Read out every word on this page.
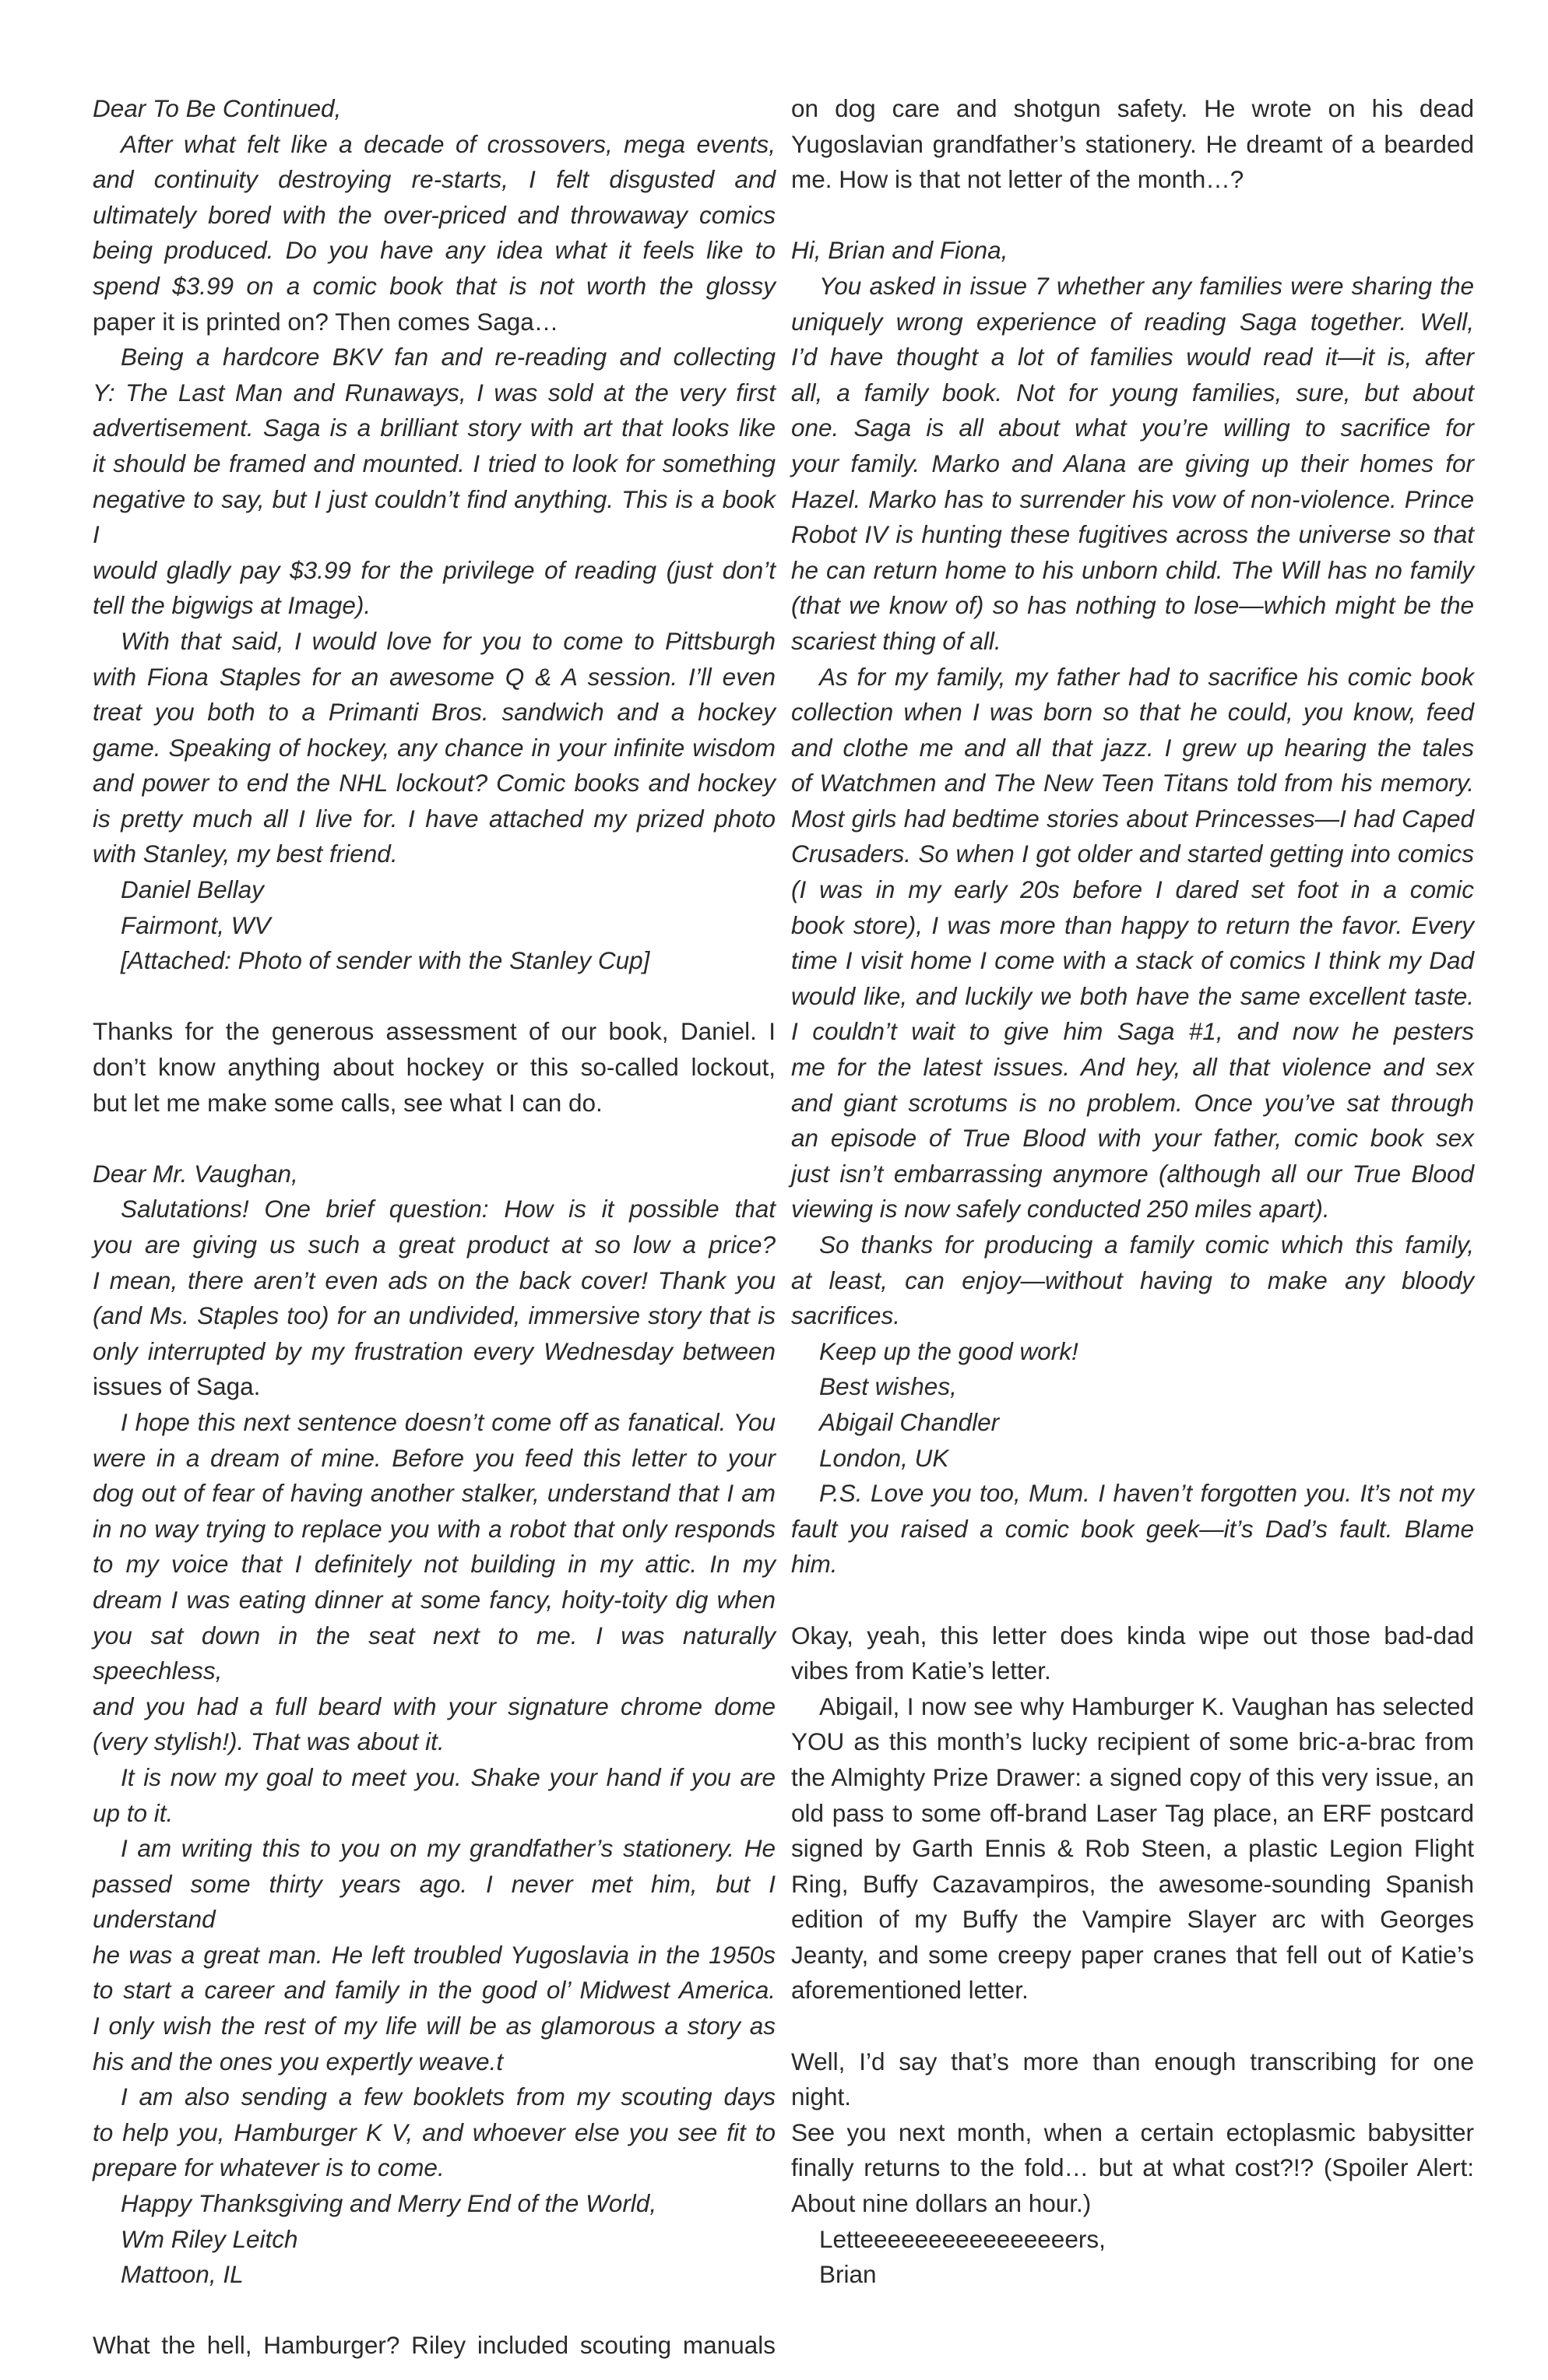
Dear To Be Continued,

After what felt like a decade of crossovers, mega events,

and continuity destroying re-starts, I felt disgusted and

ultimately bored with the over-priced and throwaway comics

being produced. Do you have any idea what it feels like to

spend $3.99 on a comic book that is not worth the glossy

paper it is printed on? Then comes Saga…

Being a hardcore BKV fan and re-reading and collecting

Y: The Last Man and Runaways, I was sold at the very first

advertisement. Saga is a brilliant story with art that looks like

it should be framed and mounted. I tried to look for something

negative to say, but I just couldn’t find anything. This is a book I

would gladly pay $3.99 for the privilege of reading (just don’t

tell the bigwigs at Image).

With that said, I would love for you to come to Pittsburgh

with Fiona Staples for an awesome Q & A session. I’ll even

treat you both to a Primanti Bros. sandwich and a hockey

game. Speaking of hockey, any chance in your infinite wisdom

and power to end the NHL lockout? Comic books and hockey

is pretty much all I live for. I have attached my prized photo

with Stanley, my best friend.

Daniel Bellay

Fairmont, WV

[Attached: Photo of sender with the Stanley Cup]

Thanks for the generous assessment of our book, Daniel. I

don’t know anything about hockey or this so-called lockout,

but let me make some calls, see what I can do.

Dear Mr. Vaughan,

Salutations! One brief question: How is it possible that

you are giving us such a great product at so low a price?

I mean, there aren’t even ads on the back cover! Thank you

(and Ms. Staples too) for an undivided, immersive story that is

only interrupted by my frustration every Wednesday between

issues of Saga.

I hope this next sentence doesn’t come off as fanatical. You

were in a dream of mine. Before you feed this letter to your

dog out of fear of having another stalker, understand that I am

in no way trying to replace you with a robot that only responds

to my voice that I definitely not building in my attic. In my

dream I was eating dinner at some fancy, hoity-toity dig when

you sat down in the seat next to me. I was naturally speechless,

and you had a full beard with your signature chrome dome

(very stylish!). That was about it.

It is now my goal to meet you. Shake your hand if you are

up to it.

I am writing this to you on my grandfather’s stationery. He

passed some thirty years ago. I never met him, but I understand

he was a great man. He left troubled Yugoslavia in the 1950s

to start a career and family in the good ol’ Midwest America.

I only wish the rest of my life will be as glamorous a story as

his and the ones you expertly weave.t

I am also sending a few booklets from my scouting days

to help you, Hamburger K V, and whoever else you see fit to

prepare for whatever is to come.

Happy Thanksgiving and Merry End of the World,

Wm Riley Leitch

Mattoon, IL

What the hell, Hamburger? Riley included scouting manuals

on dog care and shotgun safety. He wrote on his dead

Yugoslavian grandfather’s stationery. He dreamt of a bearded

me. How is that not letter of the month…?

Hi, Brian and Fiona,

You asked in issue 7 whether any families were sharing the

uniquely wrong experience of reading Saga together. Well,

I’d have thought a lot of families would read it—it is, after

all, a family book. Not for young families, sure, but about

one. Saga is all about what you’re willing to sacrifice for

your family. Marko and Alana are giving up their homes for

Hazel. Marko has to surrender his vow of non-violence. Prince

Robot IV is hunting these fugitives across the universe so that

he can return home to his unborn child. The Will has no family

(that we know of) so has nothing to lose—which might be the

scariest thing of all.

As for my family, my father had to sacrifice his comic book

collection when I was born so that he could, you know, feed

and clothe me and all that jazz. I grew up hearing the tales

of Watchmen and The New Teen Titans told from his memory.

Most girls had bedtime stories about Princesses—I had Caped

Crusaders. So when I got older and started getting into comics

(I was in my early 20s before I dared set foot in a comic

book store), I was more than happy to return the favor. Every

time I visit home I come with a stack of comics I think my Dad

would like, and luckily we both have the same excellent taste.

I couldn’t wait to give him Saga #1, and now he pesters

me for the latest issues. And hey, all that violence and sex

and giant scrotums is no problem. Once you’ve sat through

an episode of True Blood with your father, comic book sex

just isn’t embarrassing anymore (although all our True Blood

viewing is now safely conducted 250 miles apart).

So thanks for producing a family comic which this family,

at least, can enjoy—without having to make any bloody

sacrifices.

Keep up the good work!

Best wishes,

Abigail Chandler

London, UK

P.S. Love you too, Mum. I haven’t forgotten you. It’s not my

fault you raised a comic book geek—it’s Dad’s fault. Blame

him.

Okay, yeah, this letter does kinda wipe out those bad-dad

vibes from Katie’s letter.

Abigail, I now see why Hamburger K. Vaughan has selected

YOU as this month’s lucky recipient of some bric-a-brac from

the Almighty Prize Drawer: a signed copy of this very issue, an

old pass to some off-brand Laser Tag place, an ERF postcard

signed by Garth Ennis & Rob Steen, a plastic Legion Flight

Ring, Buffy Cazavampiros, the awesome-sounding Spanish

edition of my Buffy the Vampire Slayer arc with Georges

Jeanty, and some creepy paper cranes that fell out of Katie’s

aforementioned letter.

Well, I’d say that’s more than enough transcribing for one night.

See you next month, when a certain ectoplasmic babysitter

finally returns to the fold… but at what cost?!? (Spoiler Alert:

About nine dollars an hour.)

Letteeeeeeeeeeeeeeeers,

Brian
